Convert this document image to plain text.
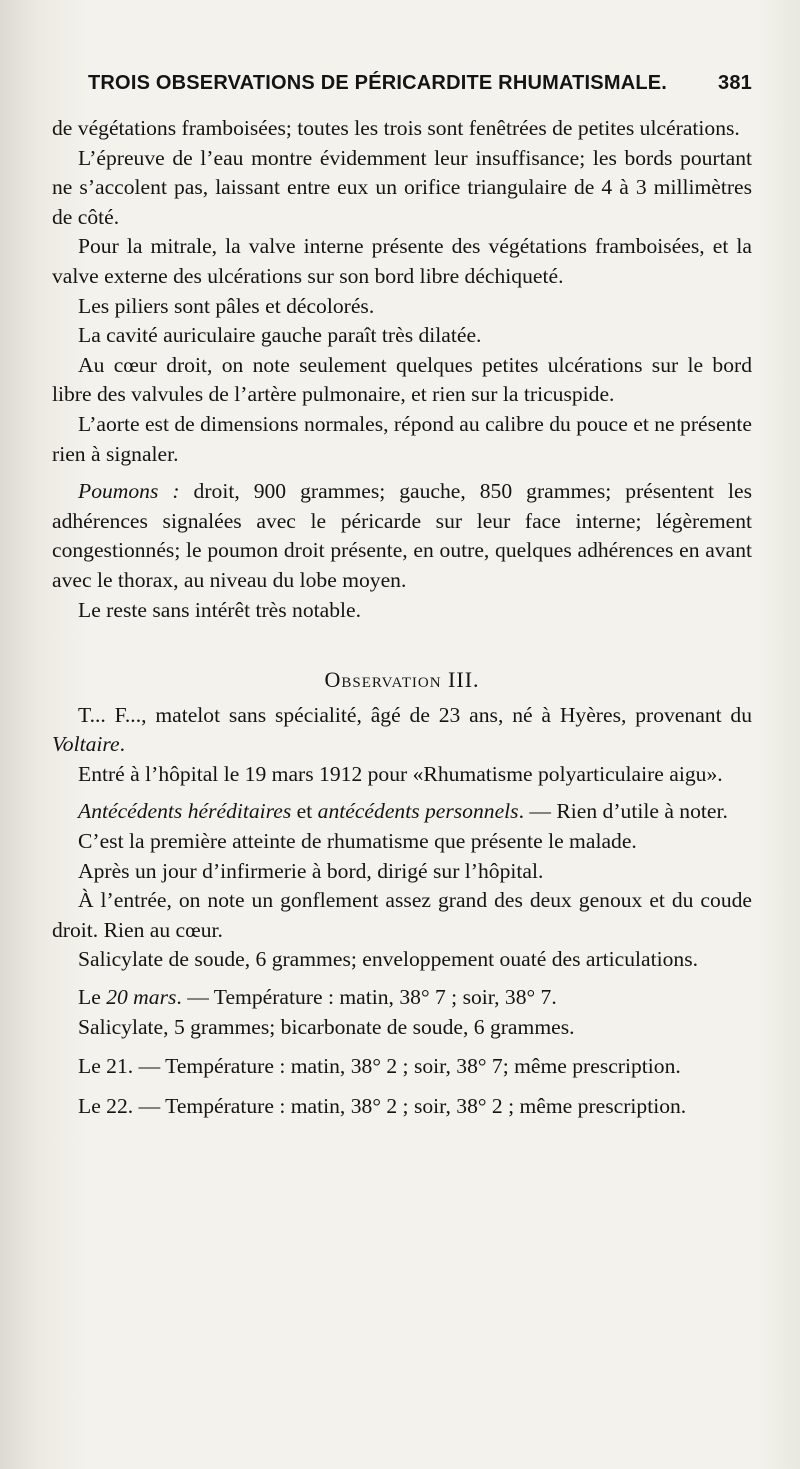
TROIS OBSERVATIONS DE PÉRICARDITE RHUMATISMALE.	381

de végétations framboisées; toutes les trois sont fenêtrées de petites ulcérations.

L’épreuve de l’eau montre évidemment leur insuffisance; les bords pourtant ne s’accolent pas, laissant entre eux un orifice triangulaire de 4 à 3 millimètres de côté.

Pour la mitrale, la valve interne présente des végétations framboisées, et la valve externe des ulcérations sur son bord libre déchiqueté.

Les piliers sont pâles et décolorés.

La cavité auriculaire gauche paraît très dilatée.

Au cœur droit, on note seulement quelques petites ulcérations sur le bord libre des valvules de l’artère pulmonaire, et rien sur la tricuspide.

L’aorte est de dimensions normales, répond au calibre du pouce et ne présente rien à signaler.

Poumons : droit, 900 grammes; gauche, 850 grammes; présentent les adhérences signalées avec le péricarde sur leur face interne; légèrement congestionnés; le poumon droit présente, en outre, quelques adhérences en avant avec le thorax, au niveau du lobe moyen.

Le reste sans intérêt très notable.

Observation III.

T... F..., matelot sans spécialité, âgé de 23 ans, né à Hyères, provenant du Voltaire.

Entré à l’hôpital le 19 mars 1912 pour «Rhumatisme polyarticulaire aigu».

Antécédents héréditaires et antécédents personnels. — Rien d’utile à noter.

C’est la première atteinte de rhumatisme que présente le malade.

Après un jour d’infirmerie à bord, dirigé sur l’hôpital.

À l’entrée, on note un gonflement assez grand des deux genoux et du coude droit. Rien au cœur.

Salicylate de soude, 6 grammes; enveloppement ouaté des articulations.

Le 20 mars. — Température : matin, 38° 7 ; soir, 38° 7.

Salicylate, 5 grammes; bicarbonate de soude, 6 grammes.

Le 21. — Température : matin, 38° 2 ; soir, 38° 7; même prescription.

Le 22. — Température : matin, 38° 2 ; soir, 38° 2 ; même prescription.
